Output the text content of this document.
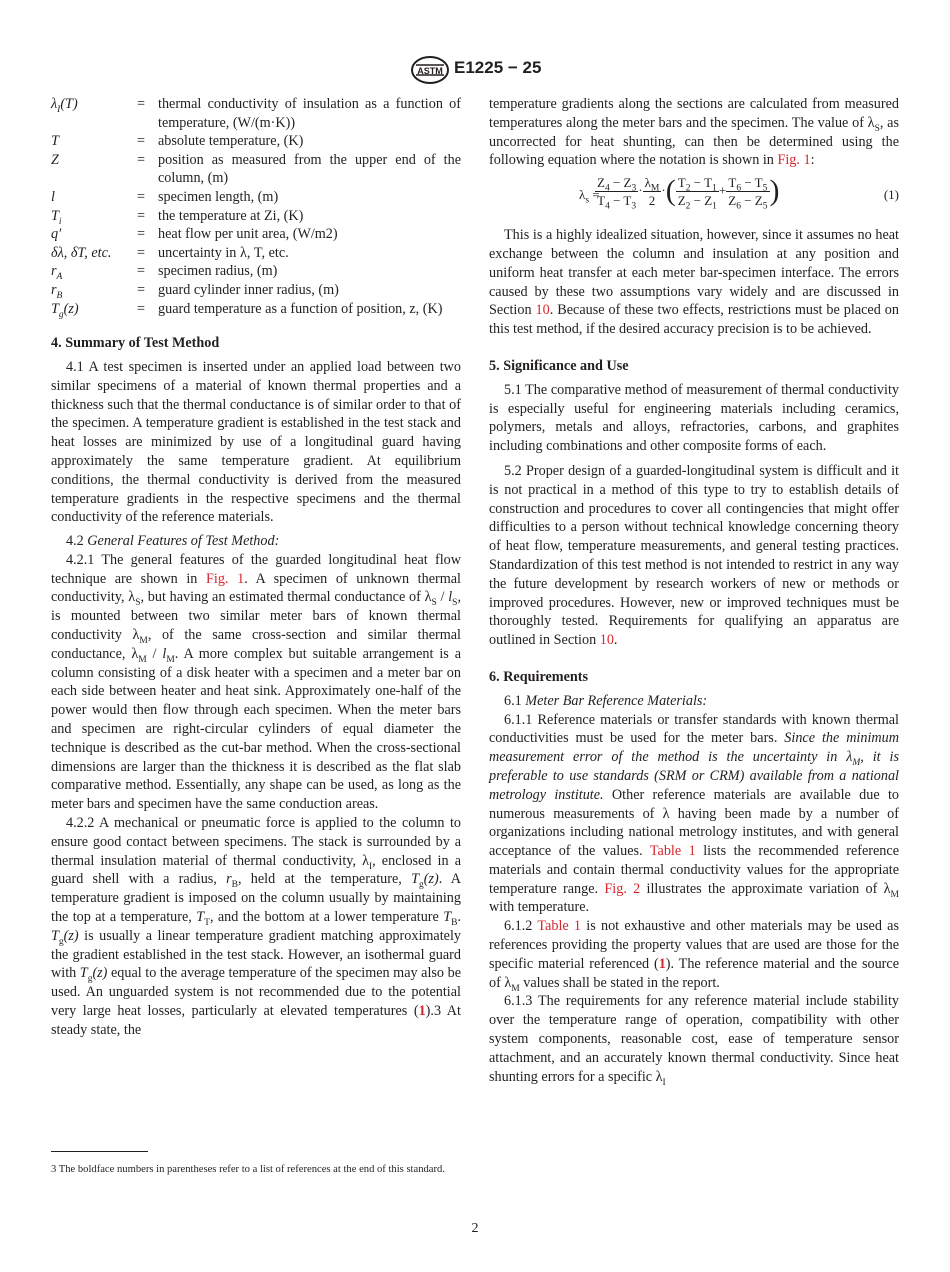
ASTM E1225 − 25
$\lambda_I(T)$	=	thermal conductivity of insulation as a function of temperature, (W/(m·K))
T	=	absolute temperature, (K)
Z	=	position as measured from the upper end of the column, (m)
l	=	specimen length, (m)
$T_i$	=	the temperature at Zi, (K)
q′	=	heat flow per unit area, (W/m2)
δλ, δT, etc.	=	uncertainty in λ, T, etc.
$r_A$	=	specimen radius, (m)
$r_B$	=	guard cylinder inner radius, (m)
$T_g(z)$	=	guard temperature as a function of position, z, (K)

4. Summary of Test Method

4.1 A test specimen is inserted under an applied load between two similar specimens of a material of known thermal properties and a thickness such that the thermal conductance is of similar order to that of the specimen. A temperature gradient is established in the test stack and heat losses are minimized by use of a longitudinal guard having approximately the same temperature gradient. At equilibrium conditions, the thermal conductivity is derived from the measured temperature gradients in the respective specimens and the thermal conductivity of the reference materials.

4.2 General Features of Test Method:

4.2.1 The general features of the guarded longitudinal heat flow technique are shown in Fig. 1. A specimen of unknown thermal conductivity, $\lambda_S$, but having an estimated thermal conductance of $\lambda_S / l_S$, is mounted between two similar meter bars of known thermal conductivity $\lambda_M$, of the same cross-section and similar thermal conductance, $\lambda_M / l_M$. A more complex but suitable arrangement is a column consisting of a disk heater with a specimen and a meter bar on each side between heater and heat sink. Approximately one-half of the power would then flow through each specimen. When the meter bars and specimen are right-circular cylinders of equal diameter the technique is described as the cut-bar method. When the cross-sectional dimensions are larger than the thickness it is described as the flat slab comparative method. Essentially, any shape can be used, as long as the meter bars and specimen have the same conduction areas.

4.2.2 A mechanical or pneumatic force is applied to the column to ensure good contact between specimens. The stack is surrounded by a thermal insulation material of thermal conductivity, $\lambda_I$, enclosed in a guard shell with a radius, $r_B$, held at the temperature, $T_g(z)$. A temperature gradient is imposed on the column usually by maintaining the top at a temperature, $T_T$, and the bottom at a lower temperature $T_B$. $T_g(z)$ is usually a linear temperature gradient matching approximately the gradient established in the test stack. However, an isothermal guard with $T_g(z)$ equal to the average temperature of the specimen may also be used. An unguarded system is not recommended due to the potential very large heat losses, particularly at elevated temperatures (1).3 At steady state, the

temperature gradients along the sections are calculated from measured temperatures along the meter bars and the specimen. The value of $\lambda_S$, as uncorrected for heat shunting, can then be determined using the following equation where the notation is shown in Fig. 1:

$\lambda_s$ =
$\frac{Z_4 - Z_3}{T_4 - T_3} \cdot \frac{\lambda_M}{2}$ ·( $\frac{T_2 - T_1}{Z_2 - Z_1} + \frac{T_6 - T_5}{Z_6 - Z_5}$ )	(1)

This is a highly idealized situation, however, since it assumes no heat exchange between the column and insulation at any position and uniform heat transfer at each meter bar-specimen interface. The errors caused by these two assumptions vary widely and are discussed in Section 10. Because of these two effects, restrictions must be placed on this test method, if the desired accuracy precision is to be achieved.

5. Significance and Use

5.1 The comparative method of measurement of thermal conductivity is especially useful for engineering materials including ceramics, polymers, metals and alloys, refractories, carbons, and graphites including combinations and other composite forms of each.

5.2 Proper design of a guarded-longitudinal system is difficult and it is not practical in a method of this type to try to establish details of construction and procedures to cover all contingencies that might offer difficulties to a person without technical knowledge concerning theory of heat flow, temperature measurements, and general testing practices. Standardization of this test method is not intended to restrict in any way the future development by research workers of new or methods or improved procedures. However, new or improved techniques must be thoroughly tested. Requirements for qualifying an apparatus are outlined in Section 10.

6. Requirements

6.1 Meter Bar Reference Materials:

6.1.1 Reference materials or transfer standards with known thermal conductivities must be used for the meter bars. Since the minimum measurement error of the method is the uncertainty in $\lambda_M$, it is preferable to use standards (SRM or CRM) available from a national metrology institute. Other reference materials are available due to numerous measurements of λ having been made by a number of organizations including national metrology institutes, and with general acceptance of the values. Table 1 lists the recommended reference materials and contain thermal conductivity values for the appropriate temperature range. Fig. 2 illustrates the approximate variation of $\lambda_M$ with temperature.

6.1.2 Table 1 is not exhaustive and other materials may be used as references providing the property values that are used are those for the specific material referenced (1). The reference material and the source of $\lambda_M$ values shall be stated in the report.

6.1.3 The requirements for any reference material include stability over the temperature range of operation, compatibility with other system components, reasonable cost, ease of temperature sensor attachment, and an accurately known thermal conductivity. Since heat shunting errors for a specific $\lambda_I$

3 The boldface numbers in parentheses refer to a list of references at the end of this standard.
2
